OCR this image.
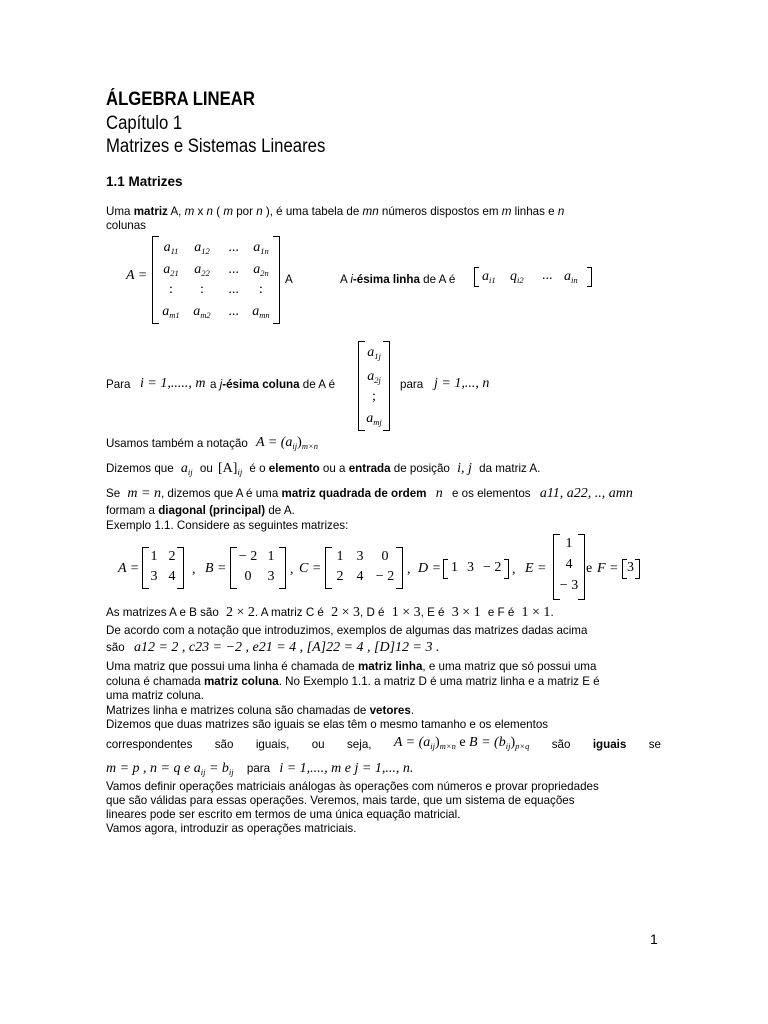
ÁLGEBRA LINEAR
Capítulo 1
Matrizes e Sistemas Lineares
1.1 Matrizes
Uma matriz A, m x n ( m por n ), é uma tabela de mn números dispostos em m linhas e n
colunas
A =
$a_{11}$	$a_{12}$	...	$a_{1n}$
$a_{21}$	$a_{22}$	...	$a_{2n}$
:	:	...	:
$a_{m1}$ $a_{m2}$ ... $a_{mn}$
A	A i-ésima linha de A é $a_{i1}$ $q_{i2}$ ... $a_{in}$
Para i = 1,....., m a j-ésima coluna de A é
$a_{1j}$
$a_{2j}$
;
$a_{mj}$
para j = 1,..., n
Usamos também a notação $A = (a_{ij})_{m\times n}$
Dizemos que $a_{ij}$ ou $[A]_{ij}$ é o elemento ou a entrada de posição i, j da matriz A.
Se m = n, dizemos que A é uma matriz quadrada de ordem n e os elementos a11, a22, .., amn
formam a diagonal (principal) de A.
Exemplo 1.1. Considere as seguintes matrizes:
A =
1 2
3 4	, B =
− 2 1
0	3	, C =
1 3	0
2 4 − 2 , D = 1 3 − 2 , E =
1
4
− 3
e F = 3
As matrizes A e B são 2 × 2. A matriz C é 2 × 3, D é 1 × 3, E é 3 × 1 e F é 1 × 1.
De acordo com a notação que introduzimos, exemplos de algumas das matrizes dadas acima
são a12 = 2 , c23 = −2 , e21 = 4 , [A]22 = 4 , [D]12 = 3 .
Uma matriz que possui uma linha é chamada de matriz linha, e uma matriz que só possui uma
coluna é chamada matriz coluna. No Exemplo 1.1. a matriz D é uma matriz linha e a matriz E é
uma matriz coluna.
Matrizes linha e matrizes coluna são chamadas de vetores.
Dizemos que duas matrizes são iguais se elas têm o mesmo tamanho e os elementos
correspondentes são iguais, ou seja, $A = (a_{ij})_{m\times n}$ e $B = (b_{ij})_{p\times q}$ são iguais se
m = p , n = q e $a_{ij} = b_{ij}$ para i = 1,...., m e j = 1,..., n.
Vamos definir operações matriciais análogas às operações com números e provar propriedades
que são válidas para essas operações. Veremos, mais tarde, que um sistema de equações
lineares pode ser escrito em termos de uma única equação matricial.
Vamos agora, introduzir as operações matriciais.
1
